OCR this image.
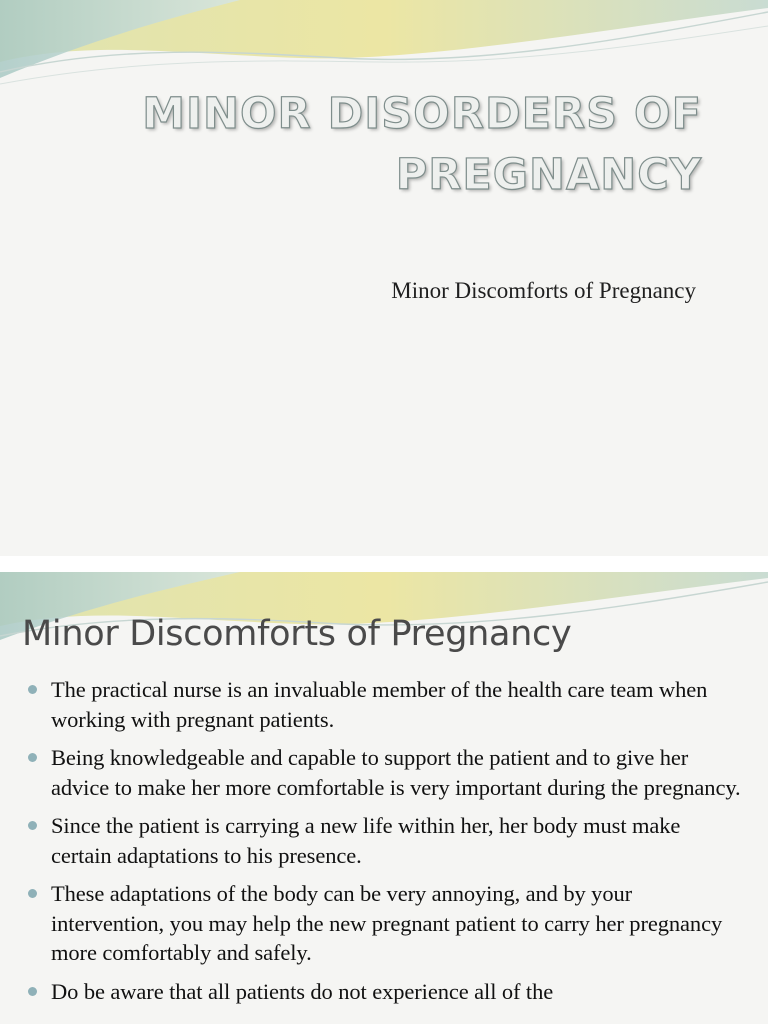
MINOR DISORDERS OF
PREGNANCY
Minor Discomforts of Pregnancy
Minor Discomforts of Pregnancy
The practical nurse is an invaluable member of the health care team when working with pregnant patients.
Being knowledgeable and capable to support the patient and to give her advice to make her more comfortable is very important during the pregnancy.
Since the patient is carrying a new life within her, her body must make certain adaptations to his presence.
These adaptations of the body can be very annoying, and by your intervention, you may help the new pregnant patient to carry her pregnancy more comfortably and safely.
Do be aware that all patients do not experience all of the
